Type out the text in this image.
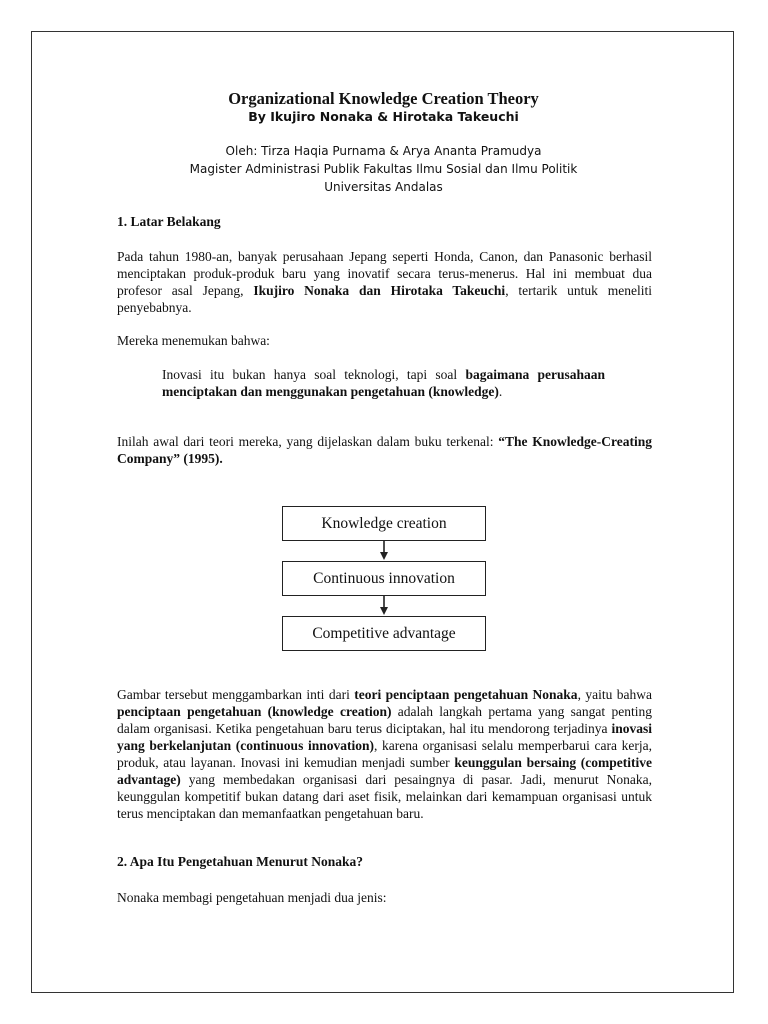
Organizational Knowledge Creation Theory
By Ikujiro Nonaka & Hirotaka Takeuchi
Oleh: Tirza Haqia Purnama & Arya Ananta Pramudya
Magister Administrasi Publik Fakultas Ilmu Sosial dan Ilmu Politik
Universitas Andalas
1. Latar Belakang
Pada tahun 1980-an, banyak perusahaan Jepang seperti Honda, Canon, dan Panasonic berhasil menciptakan produk-produk baru yang inovatif secara terus-menerus. Hal ini membuat dua profesor asal Jepang, Ikujiro Nonaka dan Hirotaka Takeuchi, tertarik untuk meneliti penyebabnya.
Mereka menemukan bahwa:
Inovasi itu bukan hanya soal teknologi, tapi soal bagaimana perusahaan menciptakan dan menggunakan pengetahuan (knowledge).
Inilah awal dari teori mereka, yang dijelaskan dalam buku terkenal: “The Knowledge-Creating Company” (1995).
Knowledge creation
Continuous innovation
Competitive advantage
Gambar tersebut menggambarkan inti dari teori penciptaan pengetahuan Nonaka, yaitu bahwa penciptaan pengetahuan (knowledge creation) adalah langkah pertama yang sangat penting dalam organisasi. Ketika pengetahuan baru terus diciptakan, hal itu mendorong terjadinya inovasi yang berkelanjutan (continuous innovation), karena organisasi selalu memperbarui cara kerja, produk, atau layanan. Inovasi ini kemudian menjadi sumber keunggulan bersaing (competitive advantage) yang membedakan organisasi dari pesaingnya di pasar. Jadi, menurut Nonaka, keunggulan kompetitif bukan datang dari aset fisik, melainkan dari kemampuan organisasi untuk terus menciptakan dan memanfaatkan pengetahuan baru.
2. Apa Itu Pengetahuan Menurut Nonaka?
Nonaka membagi pengetahuan menjadi dua jenis:
